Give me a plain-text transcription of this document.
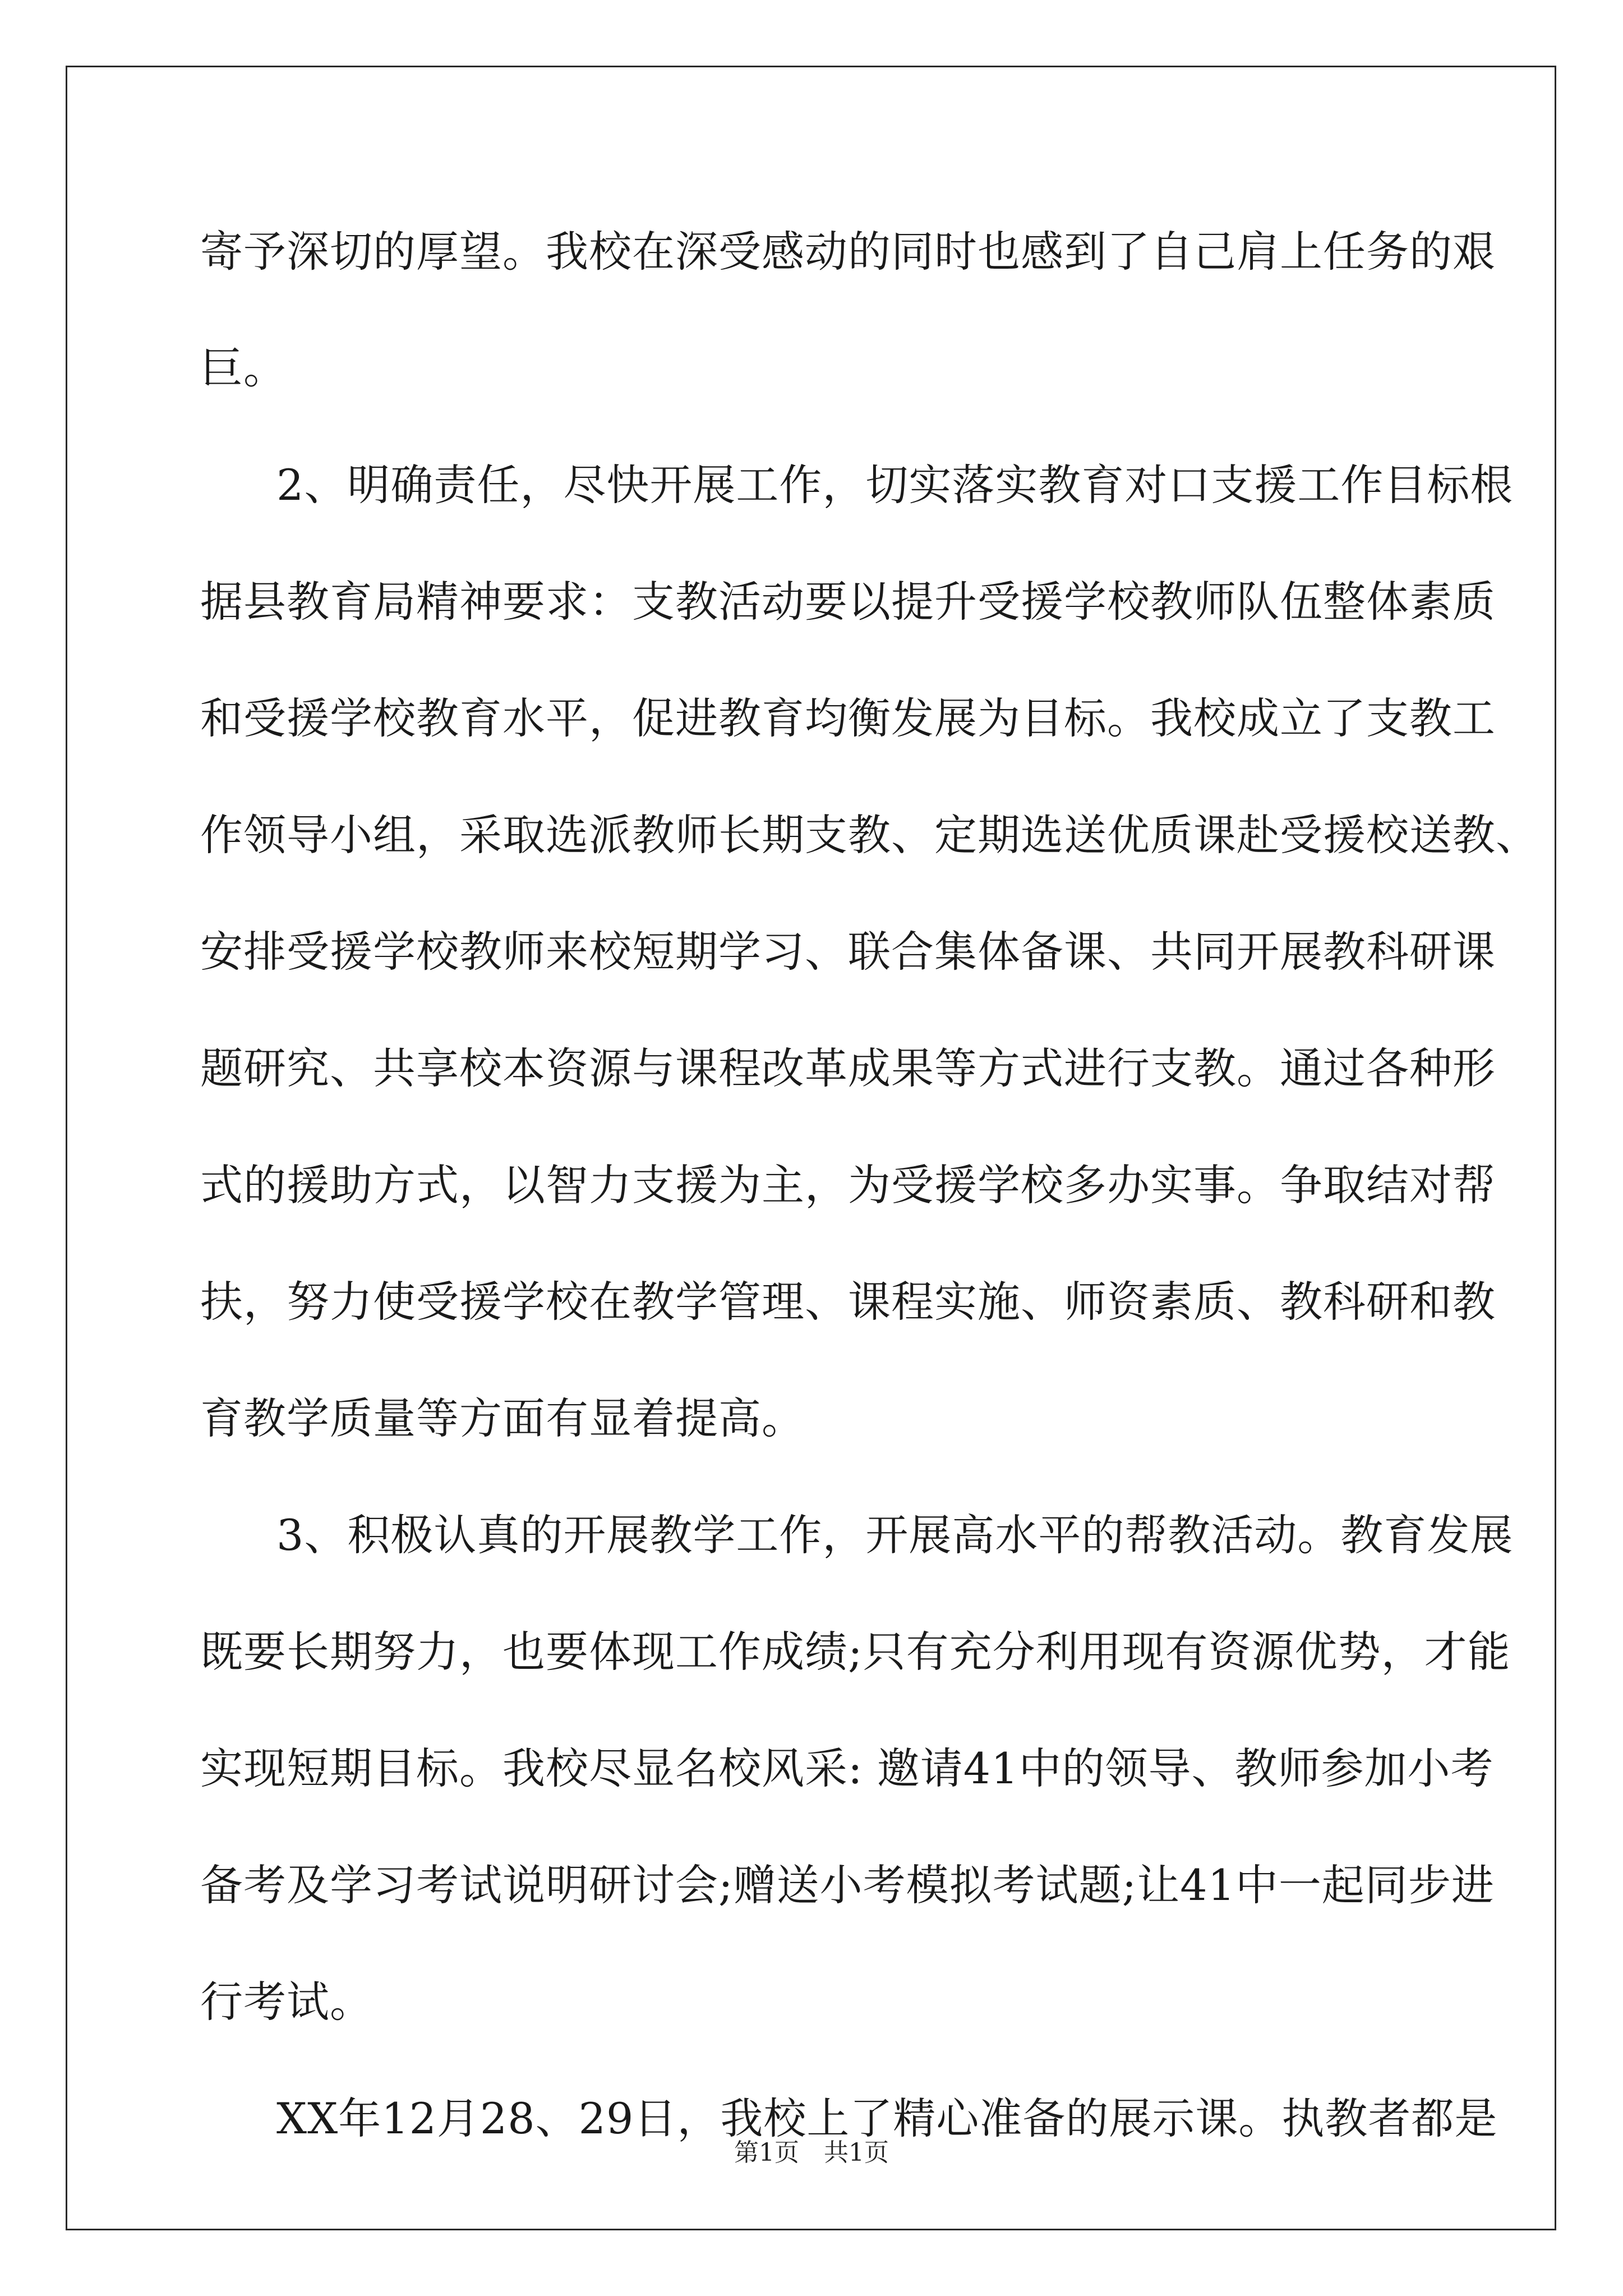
寄予深切的厚望。我校在深受感动的同时也感到了自己肩上任务的艰
巨。
2、明确责任，尽快开展工作，切实落实教育对口支援工作目标根
据县教育局精神要求：支教活动要以提升受援学校教师队伍整体素质
和受援学校教育水平，促进教育均衡发展为目标。我校成立了支教工
作领导小组，采取选派教师长期支教、定期选送优质课赴受援校送教、
安排受援学校教师来校短期学习、联合集体备课、共同开展教科研课
题研究、共享校本资源与课程改革成果等方式进行支教。通过各种形
式的援助方式，以智力支援为主，为受援学校多办实事。争取结对帮
扶，努力使受援学校在教学管理、课程实施、师资素质、教科研和教
育教学质量等方面有显着提高。
3、积极认真的开展教学工作，开展高水平的帮教活动。教育发展
既要长期努力，也要体现工作成绩;只有充分利用现有资源优势，才能
实现短期目标。我校尽显名校风采: 邀请41中的领导、教师参加小考
备考及学习考试说明研讨会;赠送小考模拟考试题;让41中一起同步进
行考试。
XX年12月28、29日，我校上了精心准备的展示课。执教者都是
第1页　共1页
